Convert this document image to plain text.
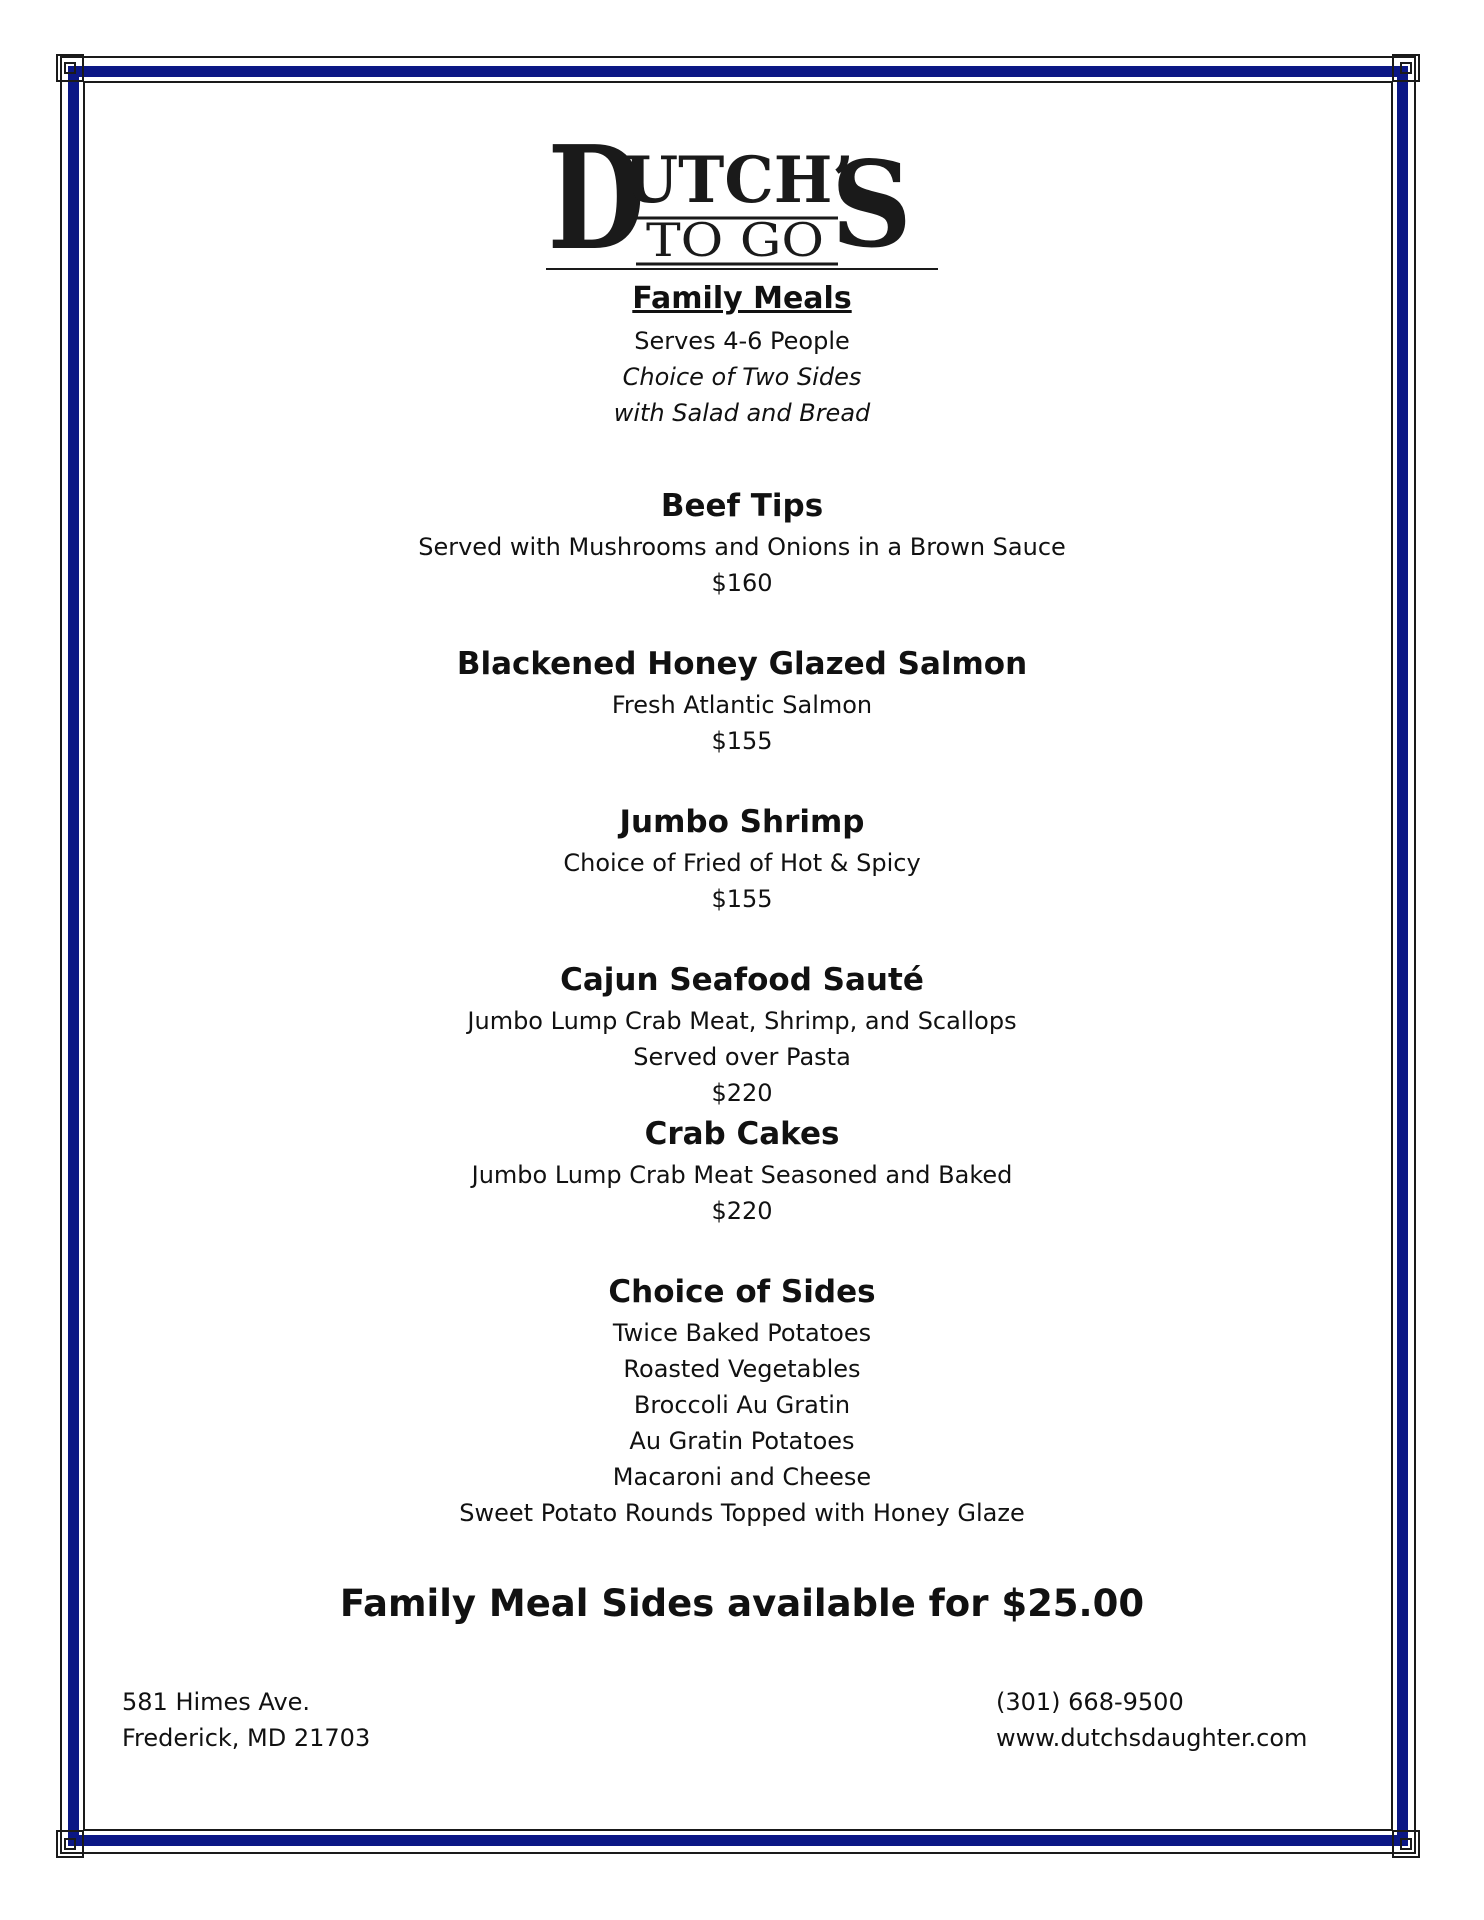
D
UTCH’
S
TO GO

Family Meals

Serves 4-6 People

Choice of Two Sides

with Salad and Bread

Beef Tips

Served with Mushrooms and Onions in a Brown Sauce

$160

Blackened Honey Glazed Salmon

Fresh Atlantic Salmon

$155

Jumbo Shrimp

Choice of Fried of Hot & Spicy

$155

Cajun Seafood Sauté

Jumbo Lump Crab Meat, Shrimp, and Scallops

Served over Pasta

$220

Crab Cakes

Jumbo Lump Crab Meat Seasoned and Baked

$220

Choice of Sides

Twice Baked Potatoes

Roasted Vegetables

Broccoli Au Gratin

Au Gratin Potatoes

Macaroni and Cheese

Sweet Potato Rounds Topped with Honey Glaze

Family Meal Sides available for $25.00
581 Himes Ave.
Frederick, MD 21703
(301) 668-9500
www.dutchsdaughter.com
